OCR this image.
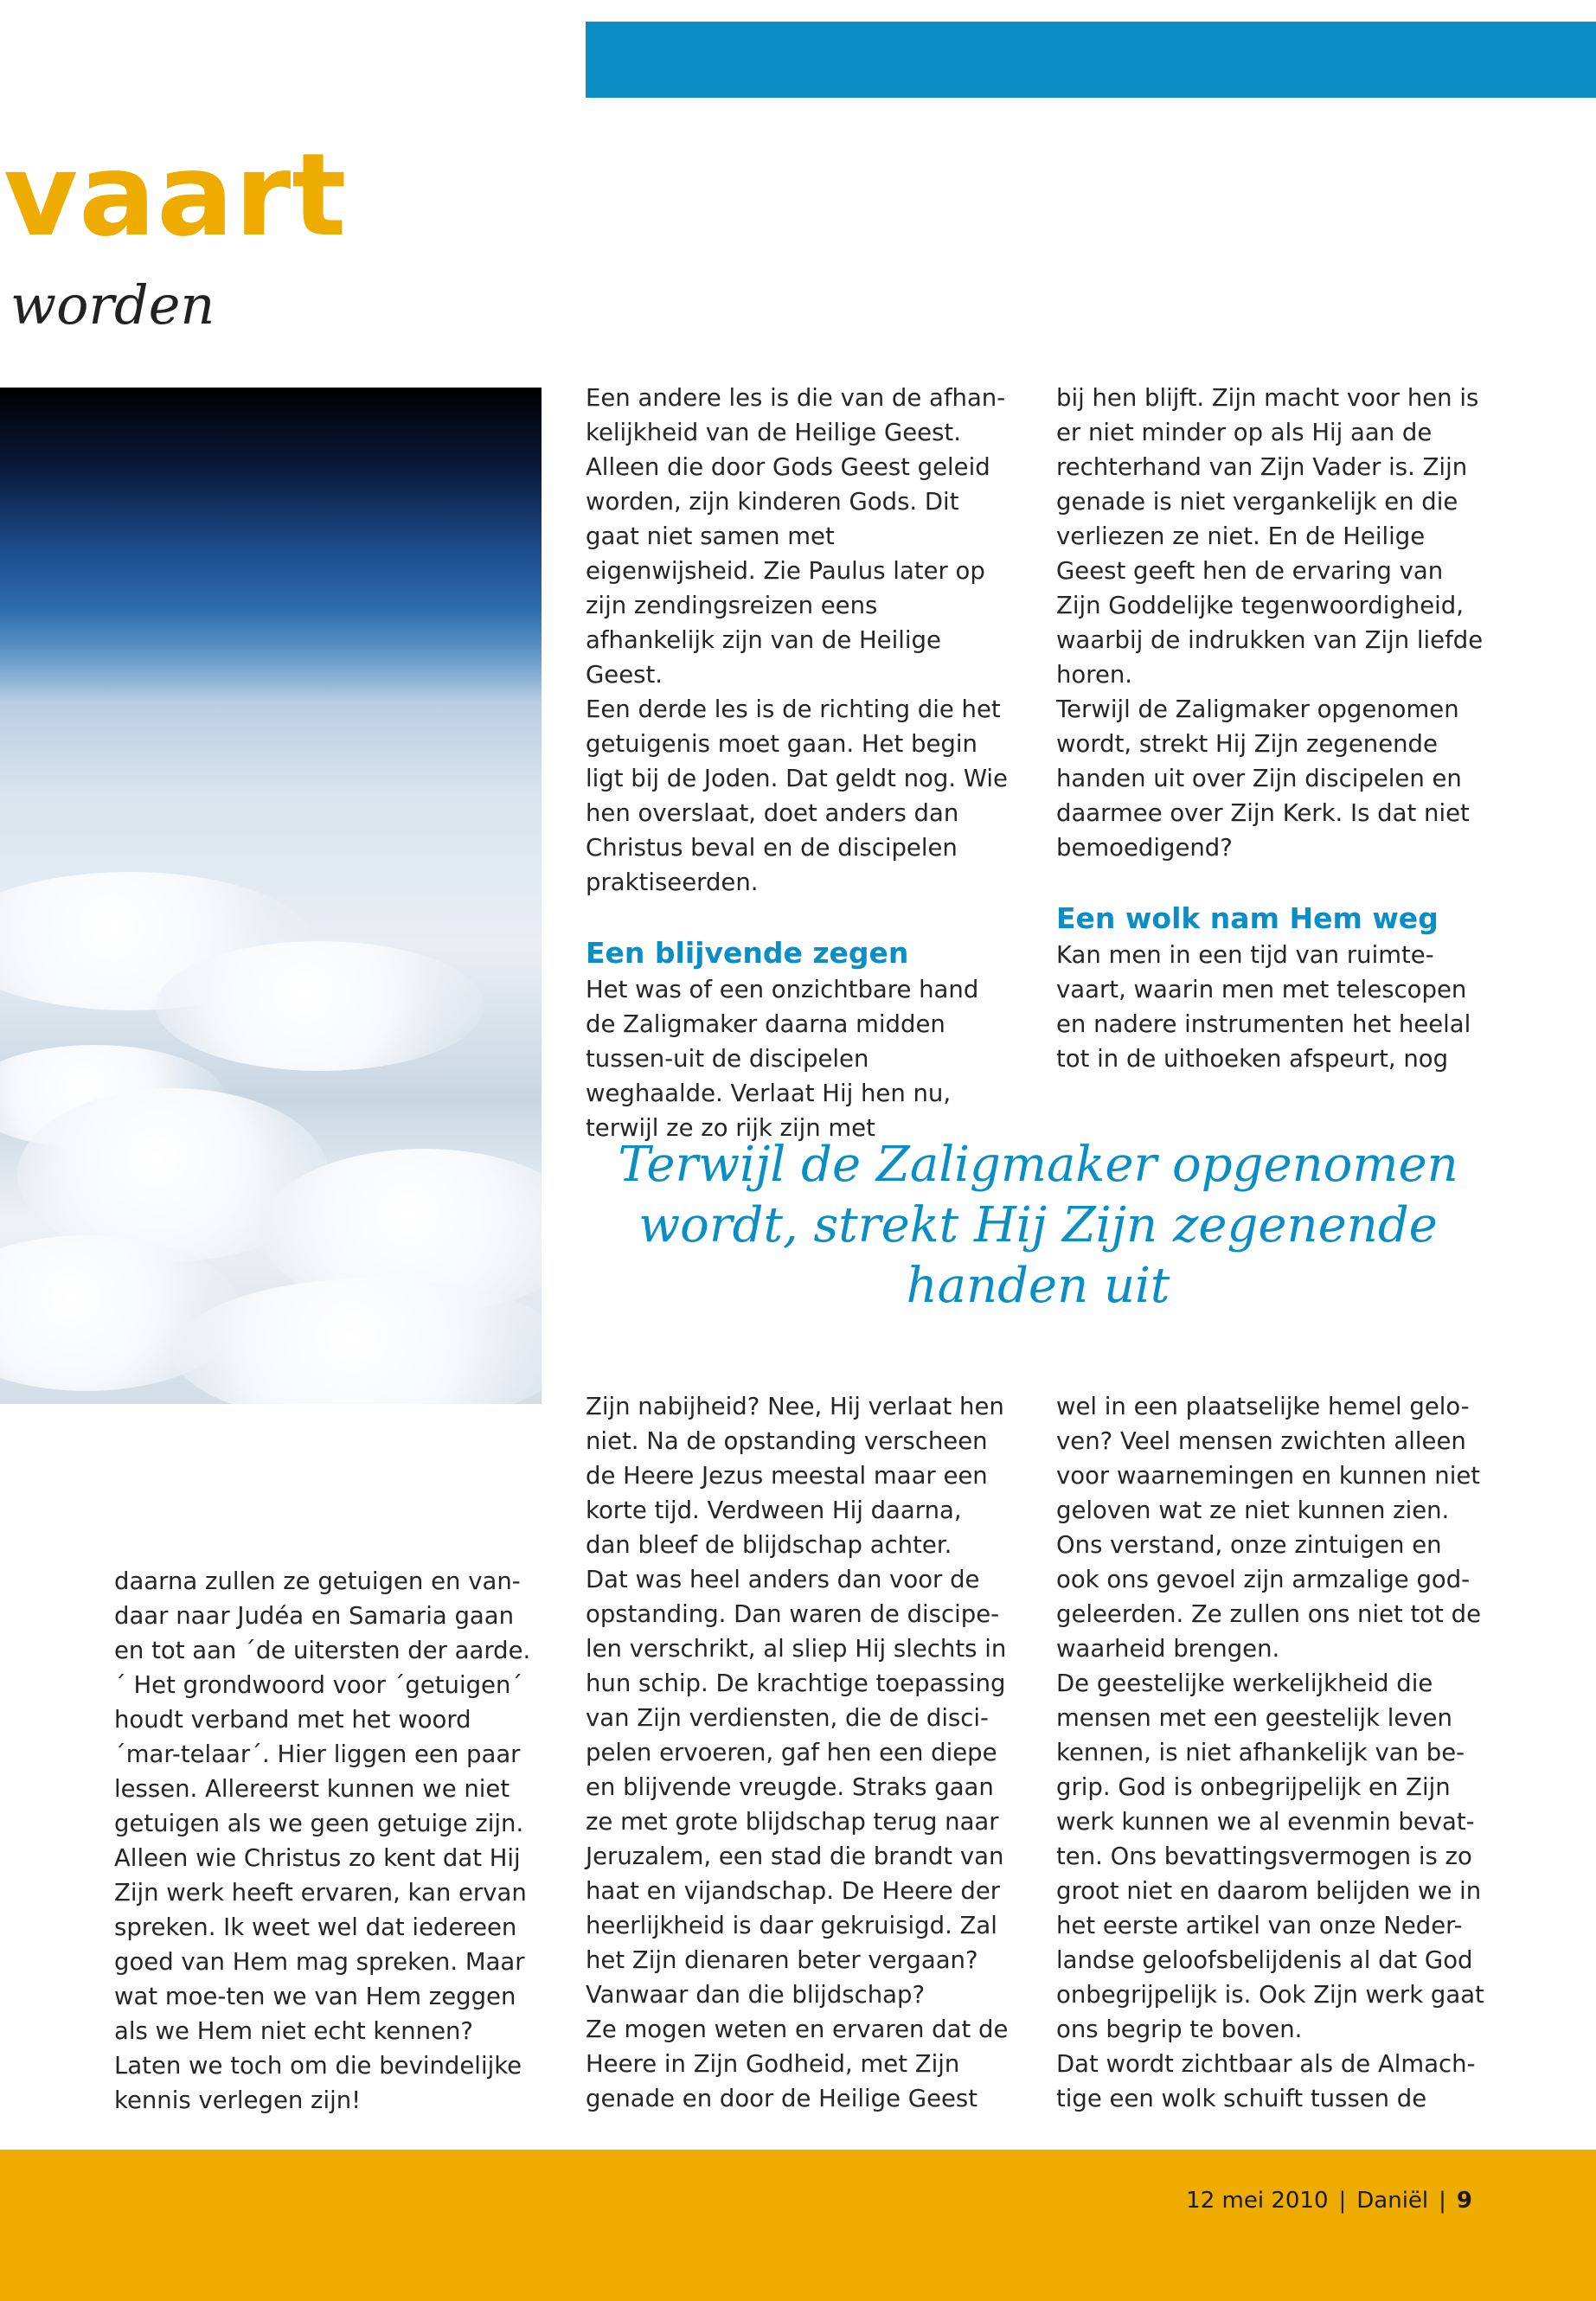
vaart
worden

Een andere les is die van de afhan-kelijkheid van de Heilige Geest. Alleen die door Gods Geest geleid worden, zijn kinderen Gods. Dit gaat niet samen met eigenwijsheid. Zie Paulus later op zijn zendingsreizen eens afhankelijk zijn van de Heilige Geest.

Een derde les is de richting die het getuigenis moet gaan. Het begin ligt bij de Joden. Dat geldt nog. Wie hen overslaat, doet anders dan Christus beval en de discipelen praktiseerden.

Een blijvende zegen

Het was of een onzichtbare hand de Zaligmaker daarna midden tussen-uit de discipelen weghaalde. Verlaat Hij hen nu, terwijl ze zo rijk zijn met

bij hen blijft. Zijn macht voor hen is er niet minder op als Hij aan de rechterhand van Zijn Vader is. Zijn genade is niet vergankelijk en die verliezen ze niet. En de Heilige Geest geeft hen de ervaring van Zijn Goddelijke tegenwoordigheid, waarbij de indrukken van Zijn liefde horen.

Terwijl de Zaligmaker opgenomen wordt, strekt Hij Zijn zegenende handen uit over Zijn discipelen en daarmee over Zijn Kerk. Is dat niet bemoedigend?

Een wolk nam Hem weg

Kan men in een tijd van ruimte-vaart, waarin men met telescopen en nadere instrumenten het heelal tot in de uithoeken afspeurt, nog

Terwijl de Zaligmaker opgenomen wordt, strekt Hij Zijn zegenende handen uit

daarna zullen ze getuigen en van-daar naar Judéa en Samaria gaan en tot aan ´de uitersten der aarde.´ Het grondwoord voor ´getuigen´ houdt verband met het woord ´mar-telaar´. Hier liggen een paar lessen. Allereerst kunnen we niet getuigen als we geen getuige zijn. Alleen wie Christus zo kent dat Hij Zijn werk heeft ervaren, kan ervan spreken. Ik weet wel dat iedereen goed van Hem mag spreken. Maar wat moe-ten we van Hem zeggen als we Hem niet echt kennen? Laten we toch om die bevindelijke kennis verlegen zijn!

Zijn nabijheid? Nee, Hij verlaat hen niet. Na de opstanding verscheen de Heere Jezus meestal maar een korte tijd. Verdween Hij daarna, dan bleef de blijdschap achter.

Dat was heel anders dan voor de opstanding. Dan waren de discipe-len verschrikt, al sliep Hij slechts in hun schip. De krachtige toepassing van Zijn verdiensten, die de disci-pelen ervoeren, gaf hen een diepe en blijvende vreugde. Straks gaan ze met grote blijdschap terug naar Jeruzalem, een stad die brandt van haat en vijandschap. De Heere der heerlijkheid is daar gekruisigd. Zal het Zijn dienaren beter vergaan? Vanwaar dan die blijdschap?

Ze mogen weten en ervaren dat de Heere in Zijn Godheid, met Zijn genade en door de Heilige Geest

wel in een plaatselijke hemel gelo-ven? Veel mensen zwichten alleen voor waarnemingen en kunnen niet geloven wat ze niet kunnen zien. Ons verstand, onze zintuigen en ook ons gevoel zijn armzalige god-geleerden. Ze zullen ons niet tot de waarheid brengen.

De geestelijke werkelijkheid die mensen met een geestelijk leven kennen, is niet afhankelijk van be-grip. God is onbegrijpelijk en Zijn werk kunnen we al evenmin bevat-ten. Ons bevattingsvermogen is zo groot niet en daarom belijden we in het eerste artikel van onze Neder-landse geloofsbelijdenis al dat God onbegrijpelijk is. Ook Zijn werk gaat ons begrip te boven.

Dat wordt zichtbaar als de Almach-tige een wolk schuift tussen de

12 mei 2010 | Daniël | 9
